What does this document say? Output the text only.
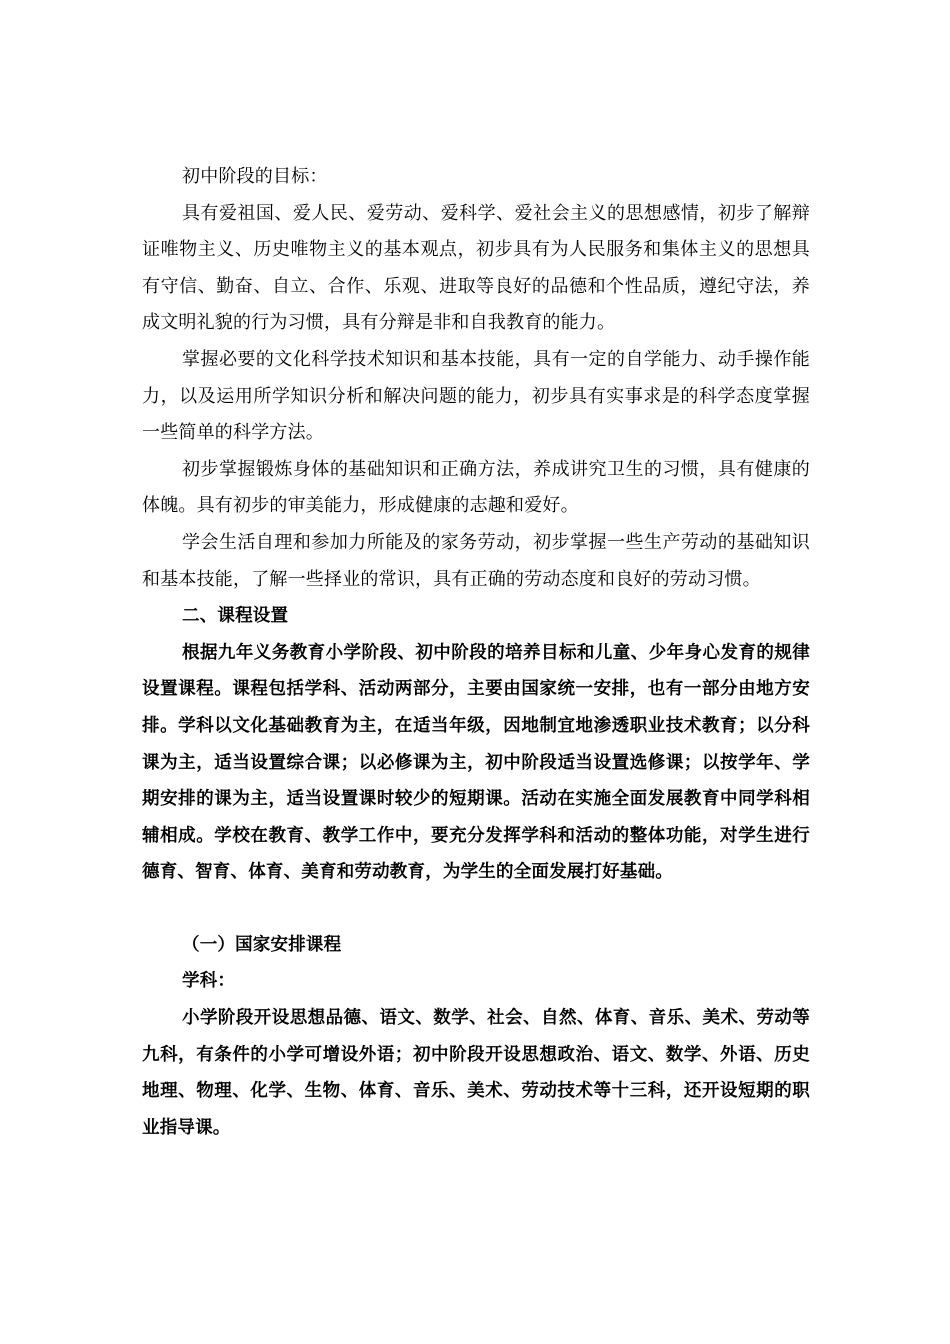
初中阶段的目标：

具有爱祖国、爱人民、爱劳动、爱科学、爱社会主义的思想感情，初步了解辩证唯物主义、历史唯物主义的基本观点，初步具有为人民服务和集体主义的思想具有守信、勤奋、自立、合作、乐观、进取等良好的品德和个性品质，遵纪守法，养成文明礼貌的行为习惯，具有分辩是非和自我教育的能力。

掌握必要的文化科学技术知识和基本技能，具有一定的自学能力、动手操作能力，以及运用所学知识分析和解决问题的能力，初步具有实事求是的科学态度掌握一些简单的科学方法。

初步掌握锻炼身体的基础知识和正确方法，养成讲究卫生的习惯，具有健康的体魄。具有初步的审美能力，形成健康的志趣和爱好。

学会生活自理和参加力所能及的家务劳动，初步掌握一些生产劳动的基础知识和基本技能，了解一些择业的常识，具有正确的劳动态度和良好的劳动习惯。

二、课程设置

根据九年义务教育小学阶段、初中阶段的培养目标和儿童、少年身心发育的规律设置课程。课程包括学科、活动两部分，主要由国家统一安排，也有一部分由地方安排。学科以文化基础教育为主，在适当年级，因地制宜地渗透职业技术教育；以分科课为主，适当设置综合课；以必修课为主，初中阶段适当设置选修课；以按学年、学期安排的课为主，适当设置课时较少的短期课。活动在实施全面发展教育中同学科相辅相成。学校在教育、教学工作中，要充分发挥学科和活动的整体功能，对学生进行德育、智育、体育、美育和劳动教育，为学生的全面发展打好基础。

（一）国家安排课程

学科：

小学阶段开设思想品德、语文、数学、社会、自然、体育、音乐、美术、劳动等九科，有条件的小学可增设外语；初中阶段开设思想政治、语文、数学、外语、历史地理、物理、化学、生物、体育、音乐、美术、劳动技术等十三科，还开设短期的职业指导课。
